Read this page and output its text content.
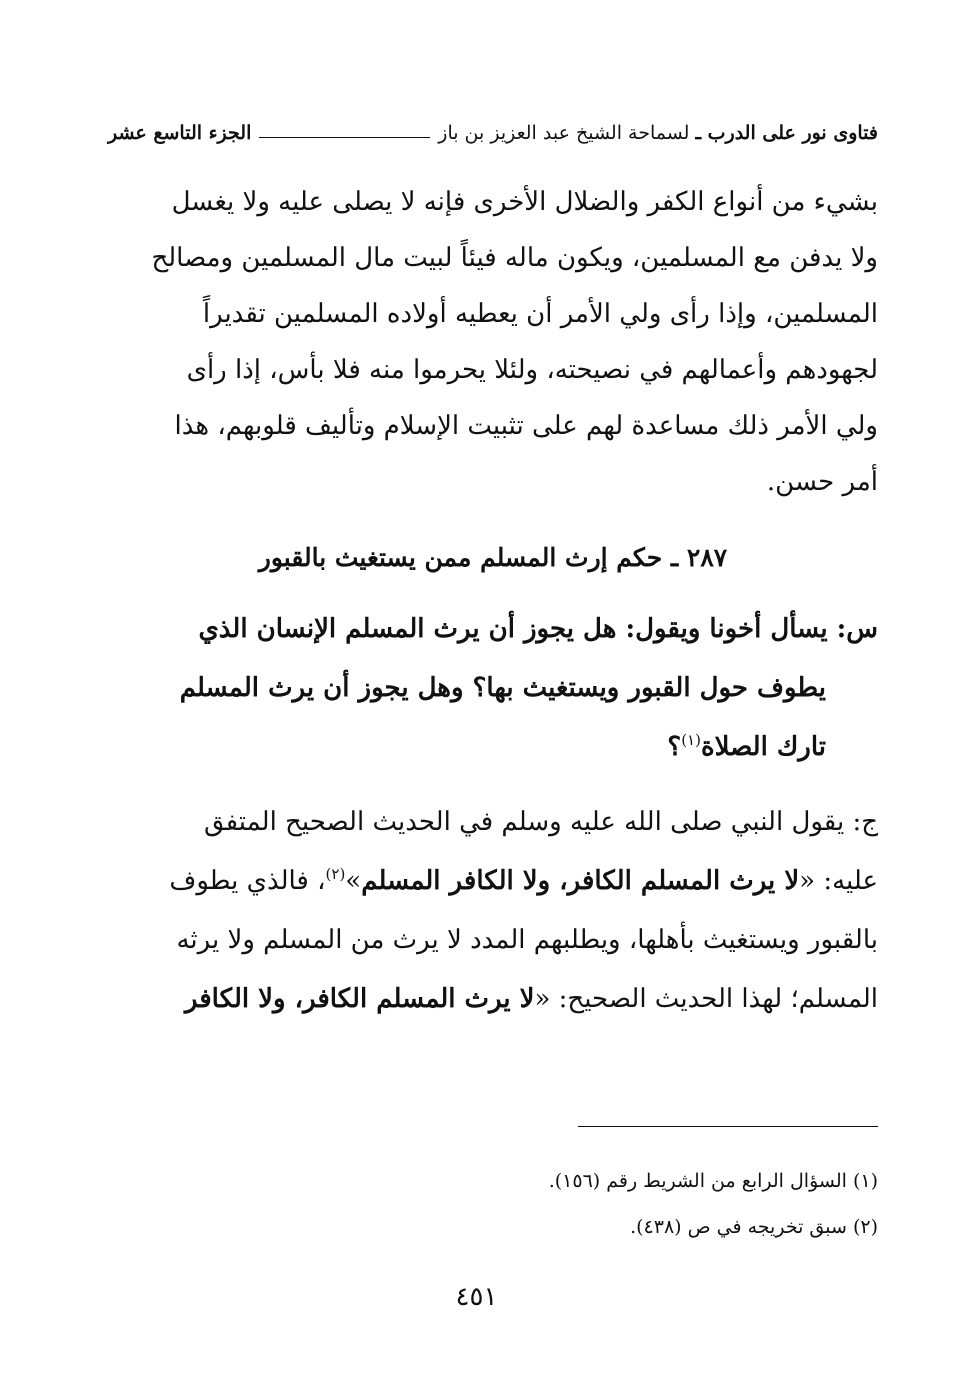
فتاوى نور على الدرب ـ
لسماحة الشيخ عبد العزيز بن باز
الجزء التاسع عشر
بشيء من أنواع الكفر والضلال الأخرى فإنه لا يصلى عليه ولا يغسل
ولا يدفن مع المسلمين، ويكون ماله فيئاً لبيت مال المسلمين ومصالح
المسلمين، وإذا رأى ولي الأمر أن يعطيه أولاده المسلمين تقديراً
لجهودهم وأعمالهم في نصيحته، ولئلا يحرموا منه فلا بأس، إذا رأى
ولي الأمر ذلك مساعدة لهم على تثبيت الإسلام وتأليف قلوبهم، هذا
أمر حسن.
٢٨٧ ـ حكم إرث المسلم ممن يستغيث بالقبور
س: يسأل أخونا ويقول: هل يجوز أن يرث المسلم الإنسان الذي
يطوف حول القبور ويستغيث بها؟ وهل يجوز أن يرث المسلم
تارك الصلاة$^{(١)}$؟
ج: يقول النبي صلى الله عليه وسلم في الحديث الصحيح المتفق
عليه: «لا يرث المسلم الكافر، ولا الكافر المسلم»$^{(٢)}$، فالذي يطوف
بالقبور ويستغيث بأهلها، ويطلبهم المدد لا يرث من المسلم ولا يرثه
المسلم؛ لهذا الحديث الصحيح: «لا يرث المسلم الكافر، ولا الكافر
(١) السؤال الرابع من الشريط رقم (١٥٦).
(٢) سبق تخريجه في ص (٤٣٨).
٤٥١
